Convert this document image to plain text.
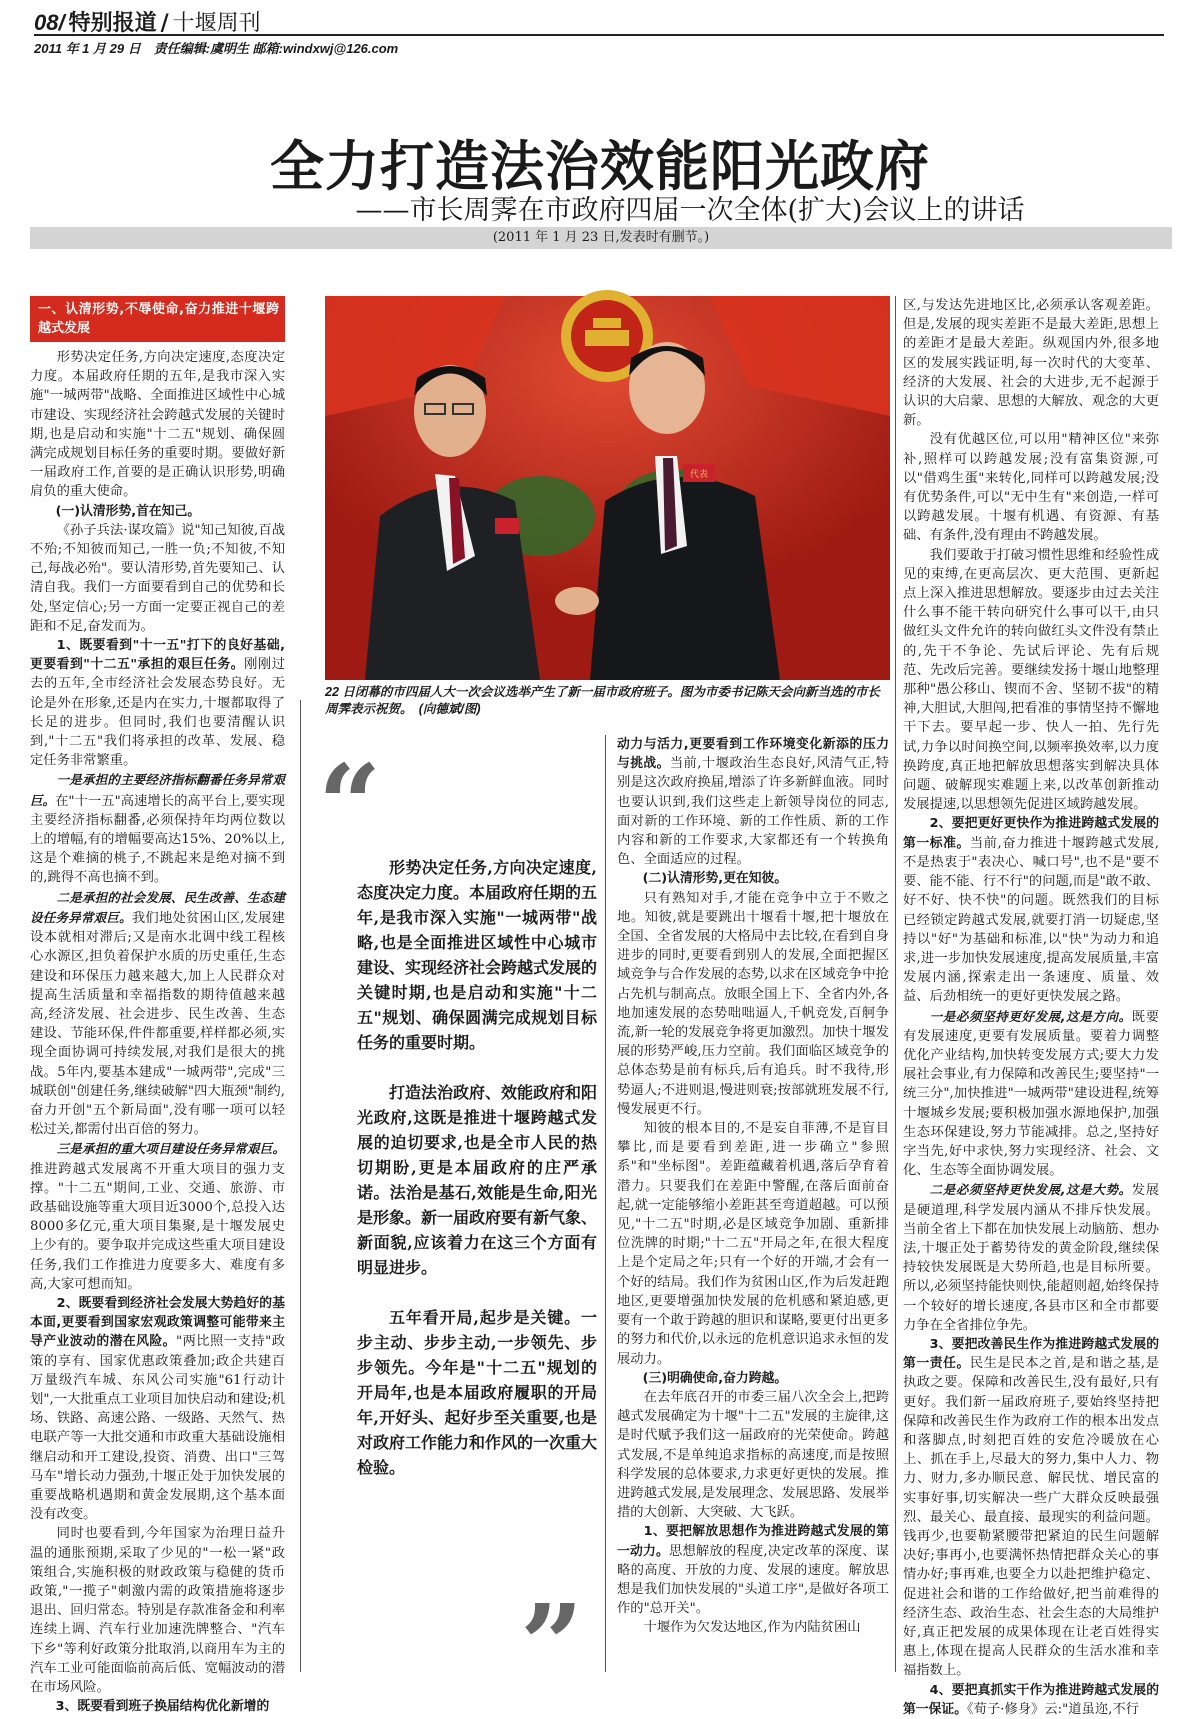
08/ 特别报道 / 十堰周刊
2011 年 1 月 29 日　责任编辑:虞明生 邮箱:windxwj@126.com
全力打造法治效能阳光政府
——市长周霁在市政府四届一次全体(扩大)会议上的讲话
(2011 年 1 月 23 日,发表时有删节。)
一、认清形势,不辱使命,奋力推进十堰跨越式发展

形势决定任务,方向决定速度,态度决定力度。本届政府任期的五年,是我市深入实施"一城两带"战略、全面推进区域性中心城市建设、实现经济社会跨越式发展的关键时期,也是启动和实施"十二五"规划、确保圆满完成规划目标任务的重要时期。要做好新一届政府工作,首要的是正确认识形势,明确肩负的重大使命。

(一)认清形势,首在知己。

《孙子兵法·谋攻篇》说"知己知彼,百战不殆;不知彼而知己,一胜一负;不知彼,不知己,每战必殆"。要认清形势,首先要知己、认清自我。我们一方面要看到自己的优势和长处,坚定信心;另一方面一定要正视自己的差距和不足,奋发而为。

1、既要看到"十一五"打下的良好基础,更要看到"十二五"承担的艰巨任务。刚刚过去的五年,全市经济社会发展态势良好。无论是外在形象,还是内在实力,十堰都取得了长足的进步。但同时,我们也要清醒认识到,"十二五"我们将承担的改革、发展、稳定任务非常繁重。

一是承担的主要经济指标翻番任务异常艰巨。在"十一五"高速增长的高平台上,要实现主要经济指标翻番,必须保持年均两位数以上的增幅,有的增幅要高达15%、20%以上,这是个难摘的桃子,不跳起来是绝对摘不到的,跳得不高也摘不到。

二是承担的社会发展、民生改善、生态建设任务异常艰巨。我们地处贫困山区,发展建设本就相对滞后;又是南水北调中线工程核心水源区,担负着保护水质的历史重任,生态建设和环保压力越来越大,加上人民群众对提高生活质量和幸福指数的期待值越来越高,经济发展、社会进步、民生改善、生态建设、节能环保,件件都重要,样样都必须,实现全面协调可持续发展,对我们是很大的挑战。5年内,要基本建成"一城两带",完成"三城联创"创建任务,继续破解"四大瓶颈"制约,奋力开创"五个新局面",没有哪一项可以轻松过关,都需付出百倍的努力。

三是承担的重大项目建设任务异常艰巨。推进跨越式发展离不开重大项目的强力支撑。"十二五"期间,工业、交通、旅游、市政基础设施等重大项目近3000个,总投入达8000多亿元,重大项目集聚,是十堰发展史上少有的。要争取并完成这些重大项目建设任务,我们工作推进力度要多大、难度有多高,大家可想而知。

2、既要看到经济社会发展大势趋好的基本面,更要看到国家宏观政策调整可能带来主导产业波动的潜在风险。"两比照一支持"政策的享有、国家优惠政策叠加;政企共建百万量级汽车城、东风公司实施"61行动计划",一大批重点工业项目加快启动和建设;机场、铁路、高速公路、一级路、天然气、热电联产等一大批交通和市政重大基础设施相继启动和开工建设,投资、消费、出口"三驾马车"增长动力强劲,十堰正处于加快发展的重要战略机遇期和黄金发展期,这个基本面没有改变。

同时也要看到,今年国家为治理日益升温的通胀预期,采取了少见的"一松一紧"政策组合,实施积极的财政政策与稳健的货币政策,"一揽子"刺激内需的政策措施将逐步退出、回归常态。特别是存款准备金和利率连续上调、汽车行业加速洗牌整合、"汽车下乡"等利好政策分批取消,以商用车为主的汽车工业可能面临前高后低、宽幅波动的潜在市场风险。

3、既要看到班子换届结构优化新增的

代表
22 日闭幕的市四届人大一次会议选举产生了新一届市政府班子。图为市委书记陈天会向新当选的市长周霁表示祝贺。　(向德斌/图)
“ 形势决定任务,方向决定速度,态度决定力度。本届政府任期的五年,是我市深入实施"一城两带"战略,也是全面推进区域性中心城市建设、实现经济社会跨越式发展的关键时期,也是启动和实施"十二五"规划、确保圆满完成规划目标任务的重要时期。

打造法治政府、效能政府和阳光政府,这既是推进十堰跨越式发展的迫切要求,也是全市人民的热切期盼,更是本届政府的庄严承诺。法治是基石,效能是生命,阳光是形象。新一届政府要有新气象、新面貌,应该着力在这三个方面有明显进步。

五年看开局,起步是关键。一步主动、步步主动,一步领先、步步领先。今年是"十二五"规划的开局年,也是本届政府履职的开局年,开好头、起好步至关重要,也是对政府工作能力和作风的一次重大检验。

”

动力与活力,更要看到工作环境变化新添的压力与挑战。当前,十堰政治生态良好,风清气正,特别是这次政府换届,增添了许多新鲜血液。同时也要认识到,我们这些走上新领导岗位的同志,面对新的工作环境、新的工作性质、新的工作内容和新的工作要求,大家都还有一个转换角色、全面适应的过程。

(二)认清形势,更在知彼。

只有熟知对手,才能在竞争中立于不败之地。知彼,就是要跳出十堰看十堰,把十堰放在全国、全省发展的大格局中去比较,在看到自身进步的同时,更要看到别人的发展,全面把握区域竞争与合作发展的态势,以求在区域竞争中抢占先机与制高点。放眼全国上下、全省内外,各地加速发展的态势咄咄逼人,千帆竞发,百舸争流,新一轮的发展竞争将更加激烈。加快十堰发展的形势严峻,压力空前。我们面临区域竞争的总体态势是前有标兵,后有追兵。时不我待,形势逼人;不进则退,慢进则衰;按部就班发展不行,慢发展更不行。

知彼的根本目的,不是妄自菲薄,不是盲目攀比,而是要看到差距,进一步确立"参照系"和"坐标图"。差距蕴藏着机遇,落后孕育着潜力。只要我们在差距中警醒,在落后面前奋起,就一定能够缩小差距甚至弯道超越。可以预见,"十二五"时期,必是区域竞争加剧、重新排位洗牌的时期;"十二五"开局之年,在很大程度上是个定局之年;只有一个好的开端,才会有一个好的结局。我们作为贫困山区,作为后发赶跑地区,更要增强加快发展的危机感和紧迫感,更要有一个敢于跨越的胆识和谋略,要更付出更多的努力和代价,以永远的危机意识追求永恒的发展动力。

(三)明确使命,奋力跨越。

在去年底召开的市委三届八次全会上,把跨越式发展确定为十堰"十二五"发展的主旋律,这是时代赋予我们这一届政府的光荣使命。跨越式发展,不是单纯追求指标的高速度,而是按照科学发展的总体要求,力求更好更快的发展。推进跨越式发展,是发展理念、发展思路、发展举措的大创新、大突破、大飞跃。

1、要把解放思想作为推进跨越式发展的第一动力。思想解放的程度,决定改革的深度、谋略的高度、开放的力度、发展的速度。解放思想是我们加快发展的"头道工序",是做好各项工作的"总开关"。

十堰作为欠发达地区,作为内陆贫困山

区,与发达先进地区比,必须承认客观差距。但是,发展的现实差距不是最大差距,思想上的差距才是最大差距。纵观国内外,很多地区的发展实践证明,每一次时代的大变革、经济的大发展、社会的大进步,无不起源于认识的大启蒙、思想的大解放、观念的大更新。

没有优越区位,可以用"精神区位"来弥补,照样可以跨越发展;没有富集资源,可以"借鸡生蛋"来转化,同样可以跨越发展;没有优势条件,可以"无中生有"来创造,一样可以跨越发展。十堰有机遇、有资源、有基础、有条件,没有理由不跨越发展。

我们要敢于打破习惯性思维和经验性成见的束缚,在更高层次、更大范围、更新起点上深入推进思想解放。要逐步由过去关注什么事不能干转向研究什么事可以干,由只做红头文件允许的转向做红头文件没有禁止的,先干不争论、先试后评论、先有后规范、先改后完善。要继续发扬十堰山地整理那种"愚公移山、锲而不舍、坚韧不拔"的精神,大胆试,大胆闯,把看准的事情坚持不懈地干下去。要早起一步、快人一拍、先行先试,力争以时间换空间,以频率换效率,以力度换跨度,真正地把解放思想落实到解决具体问题、破解现实难题上来,以改革创新推动发展提速,以思想领先促进区域跨越发展。

2、要把更好更快作为推进跨越式发展的第一标准。当前,奋力推进十堰跨越式发展,不是热衷于"表决心、喊口号",也不是"要不要、能不能、行不行"的问题,而是"敢不敢、好不好、快不快"的问题。既然我们的目标已经锁定跨越式发展,就要打消一切疑虑,坚持以"好"为基础和标准,以"快"为动力和追求,进一步加快发展速度,提高发展质量,丰富发展内涵,探索走出一条速度、质量、效益、后劲相统一的更好更快发展之路。

一是必须坚持更好发展,这是方向。既要有发展速度,更要有发展质量。要着力调整优化产业结构,加快转变发展方式;要大力发展社会事业,有力保障和改善民生;要坚持"一统三分",加快推进"一城两带"建设进程,统筹十堰城乡发展;要积极加强水源地保护,加强生态环保建设,努力节能减排。总之,坚持好字当先,好中求快,努力实现经济、社会、文化、生态等全面协调发展。

二是必须坚持更快发展,这是大势。发展是硬道理,科学发展内涵从不排斥快发展。当前全省上下都在加快发展上动脑筋、想办法,十堰正处于蓄势待发的黄金阶段,继续保持较快发展既是大势所趋,也是目标所要。所以,必须坚持能快则快,能超则超,始终保持一个较好的增长速度,各县市区和全市都要力争在全省排位争先。

3、要把改善民生作为推进跨越式发展的第一责任。民生是民本之首,是和谐之基,是执政之要。保障和改善民生,没有最好,只有更好。我们新一届政府班子,要始终坚持把保障和改善民生作为政府工作的根本出发点和落脚点,时刻把百姓的安危冷暖放在心上、抓在手上,尽最大的努力,集中人力、物力、财力,多办顺民意、解民忧、增民富的实事好事,切实解决一些广大群众反映最强烈、最关心、最直接、最现实的利益问题。钱再少,也要勒紧腰带把紧迫的民生问题解决好;事再小,也要满怀热情把群众关心的事情办好;事再难,也要全力以赴把维护稳定、促进社会和谐的工作给做好,把当前难得的经济生态、政治生态、社会生态的大局维护好,真正把发展的成果体现在让老百姓得实惠上,体现在提高人民群众的生活水准和幸福指数上。

4、要把真抓实干作为推进跨越式发展的第一保证。《荀子·修身》云:"道虽迩,不行
